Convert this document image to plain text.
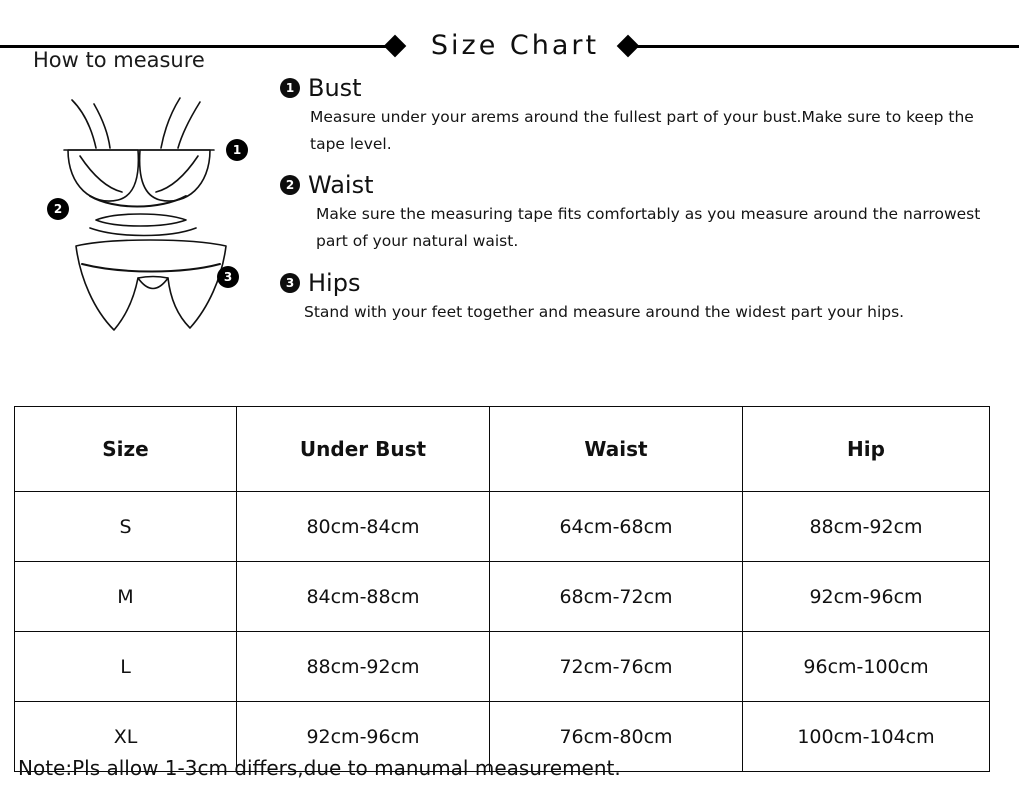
Size Chart
How to measure
1
2
3
1 Bust
Measure under your arems around the fullest part of your bust.Make sure to keep the tape level.
2 Waist
Make sure the measuring tape fits comfortably as you measure around the narrowest part of your natural waist.
3 Hips
Stand with your feet together and measure around the widest part your hips.
Size	Under Bust	Waist	Hip
S	80cm-84cm	64cm-68cm	88cm-92cm
M	84cm-88cm	68cm-72cm	92cm-96cm
L	88cm-92cm	72cm-76cm	96cm-100cm
XL	92cm-96cm	76cm-80cm	100cm-104cm
Note:Pls allow 1-3cm differs,due to manumal measurement.
